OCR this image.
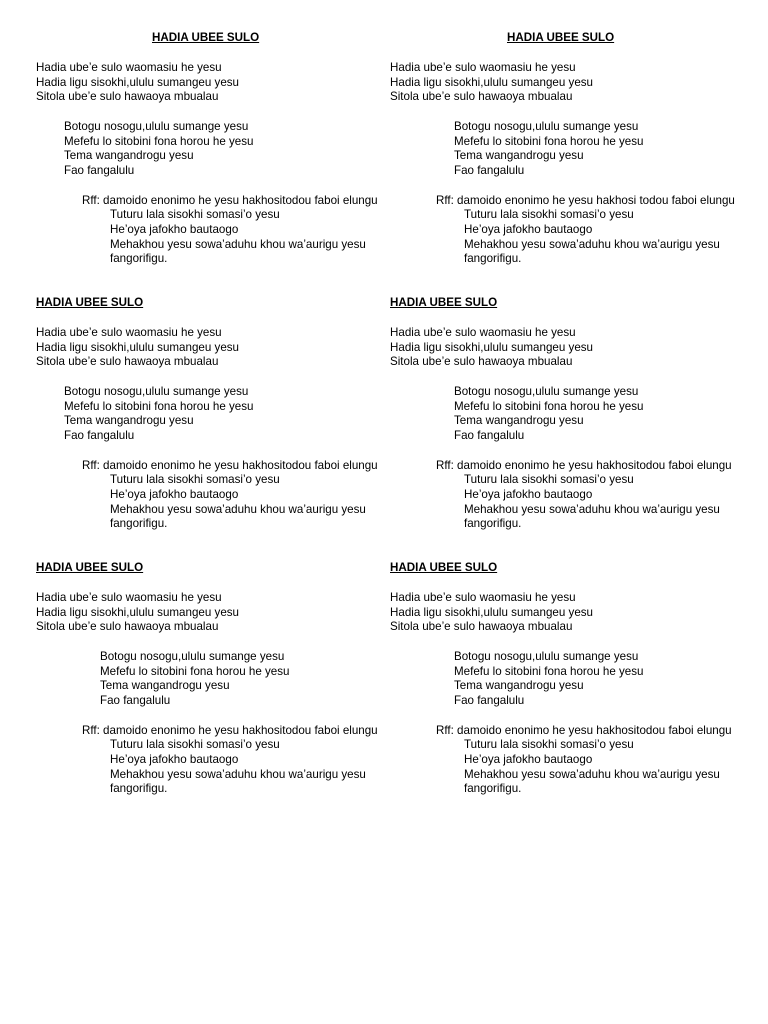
HADIA UBEE SULO
Hadia ube’e sulo waomasiu he yesu
Hadia ligu sisokhi,ululu sumangeu yesu
Sitola ube’e sulo hawaoya mbualau
Botogu nosogu,ululu sumange yesu
Mefefu lo sitobini fona horou he yesu
Tema wangandrogu yesu
Fao fangalulu
Rff: damoido enonimo he yesu hakhositodou faboi elungu
Tuturu lala sisokhi somasi’o yesu
He’oya jafokho bautaogo
Mehakhou yesu sowa’aduhu khou wa’aurigu yesu fangorifigu.
HADIA UBEE SULO
Hadia ube’e sulo waomasiu he yesu
Hadia ligu sisokhi,ululu sumangeu yesu
Sitola ube’e sulo hawaoya mbualau
Botogu nosogu,ululu sumange yesu
Mefefu lo sitobini fona horou he yesu
Tema wangandrogu yesu
Fao fangalulu
Rff: damoido enonimo he yesu hakhosi todou faboi elungu
Tuturu lala sisokhi somasi’o yesu
He’oya jafokho bautaogo
Mehakhou yesu sowa’aduhu khou wa’aurigu yesu fangorifigu.
HADIA UBEE SULO
Hadia ube’e sulo waomasiu he yesu
Hadia ligu sisokhi,ululu sumangeu yesu
Sitola ube’e sulo hawaoya mbualau
Botogu nosogu,ululu sumange yesu
Mefefu lo sitobini fona horou he yesu
Tema wangandrogu yesu
Fao fangalulu
Rff: damoido enonimo he yesu hakhositodou faboi elungu
Tuturu lala sisokhi somasi’o yesu
He’oya jafokho bautaogo
Mehakhou yesu sowa’aduhu khou wa’aurigu yesu fangorifigu.
HADIA UBEE SULO
Hadia ube’e sulo waomasiu he yesu
Hadia ligu sisokhi,ululu sumangeu yesu
Sitola ube’e sulo hawaoya mbualau
Botogu nosogu,ululu sumange yesu
Mefefu lo sitobini fona horou he yesu
Tema wangandrogu yesu
Fao fangalulu
Rff: damoido enonimo he yesu hakhositodou faboi elungu
Tuturu lala sisokhi somasi’o yesu
He’oya jafokho bautaogo
Mehakhou yesu sowa’aduhu khou wa’aurigu yesu fangorifigu.
HADIA UBEE SULO
Hadia ube’e sulo waomasiu he yesu
Hadia ligu sisokhi,ululu sumangeu yesu
Sitola ube’e sulo hawaoya mbualau
Botogu nosogu,ululu sumange yesu
Mefefu lo sitobini fona horou he yesu
Tema wangandrogu yesu
Fao fangalulu
Rff: damoido enonimo he yesu hakhositodou faboi elungu
Tuturu lala sisokhi somasi’o yesu
He’oya jafokho bautaogo
Mehakhou yesu sowa’aduhu khou wa’aurigu yesu fangorifigu.
HADIA UBEE SULO
Hadia ube’e sulo waomasiu he yesu
Hadia ligu sisokhi,ululu sumangeu yesu
Sitola ube’e sulo hawaoya mbualau
Botogu nosogu,ululu sumange yesu
Mefefu lo sitobini fona horou he yesu
Tema wangandrogu yesu
Fao fangalulu
Rff: damoido enonimo he yesu hakhositodou faboi elungu
Tuturu lala sisokhi somasi’o yesu
He’oya jafokho bautaogo
Mehakhou yesu sowa’aduhu khou wa’aurigu yesu fangorifigu.
